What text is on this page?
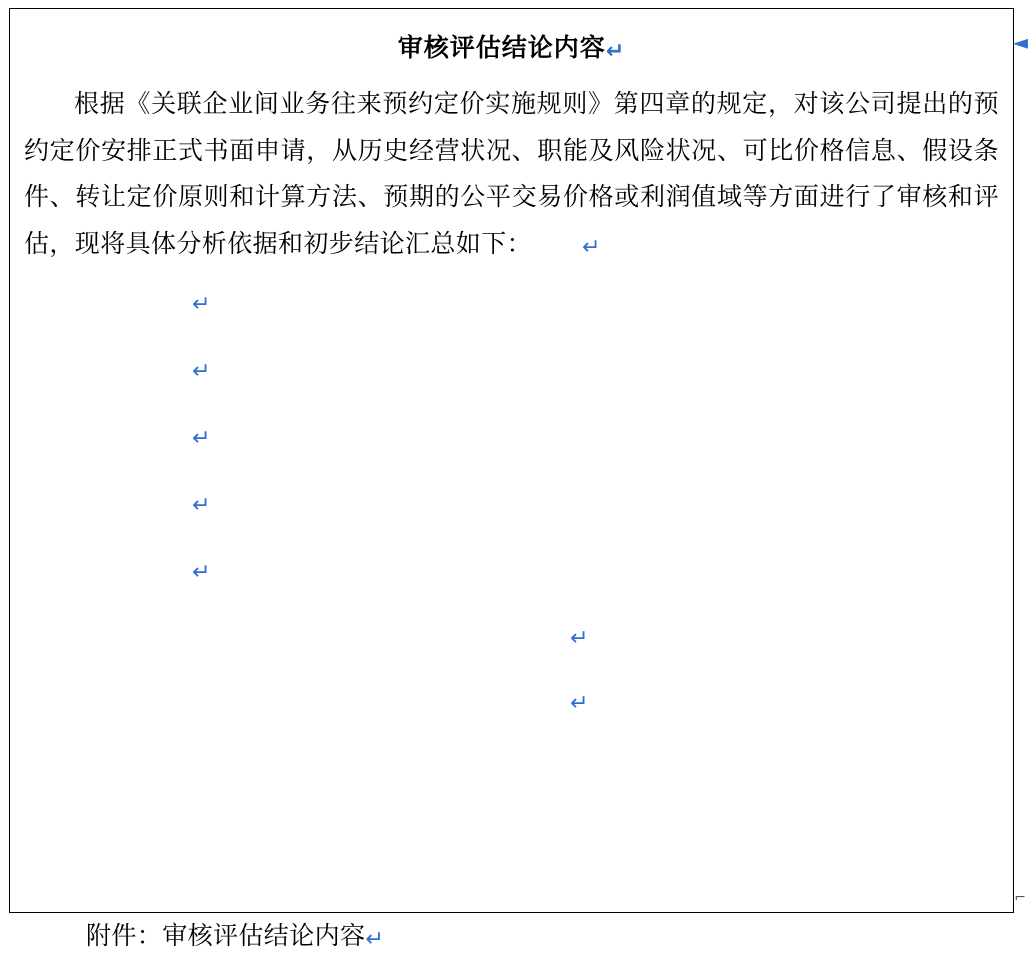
审核评估结论内容↵

根据《关联企业间业务往来预约定价实施规则》第四章的规定，对该公司提出的预约定价安排正式书面申请，从历史经营状况、职能及风险状况、可比价格信息、假设条件、转让定价原则和计算方法、预期的公平交易价格或利润值域等方面进行了审核和评估，现将具体分析依据和初步结论汇总如下： ↵

↵

↵

↵

↵

↵

↵

↵

附件：审核评估结论内容↵
◄
⌐
